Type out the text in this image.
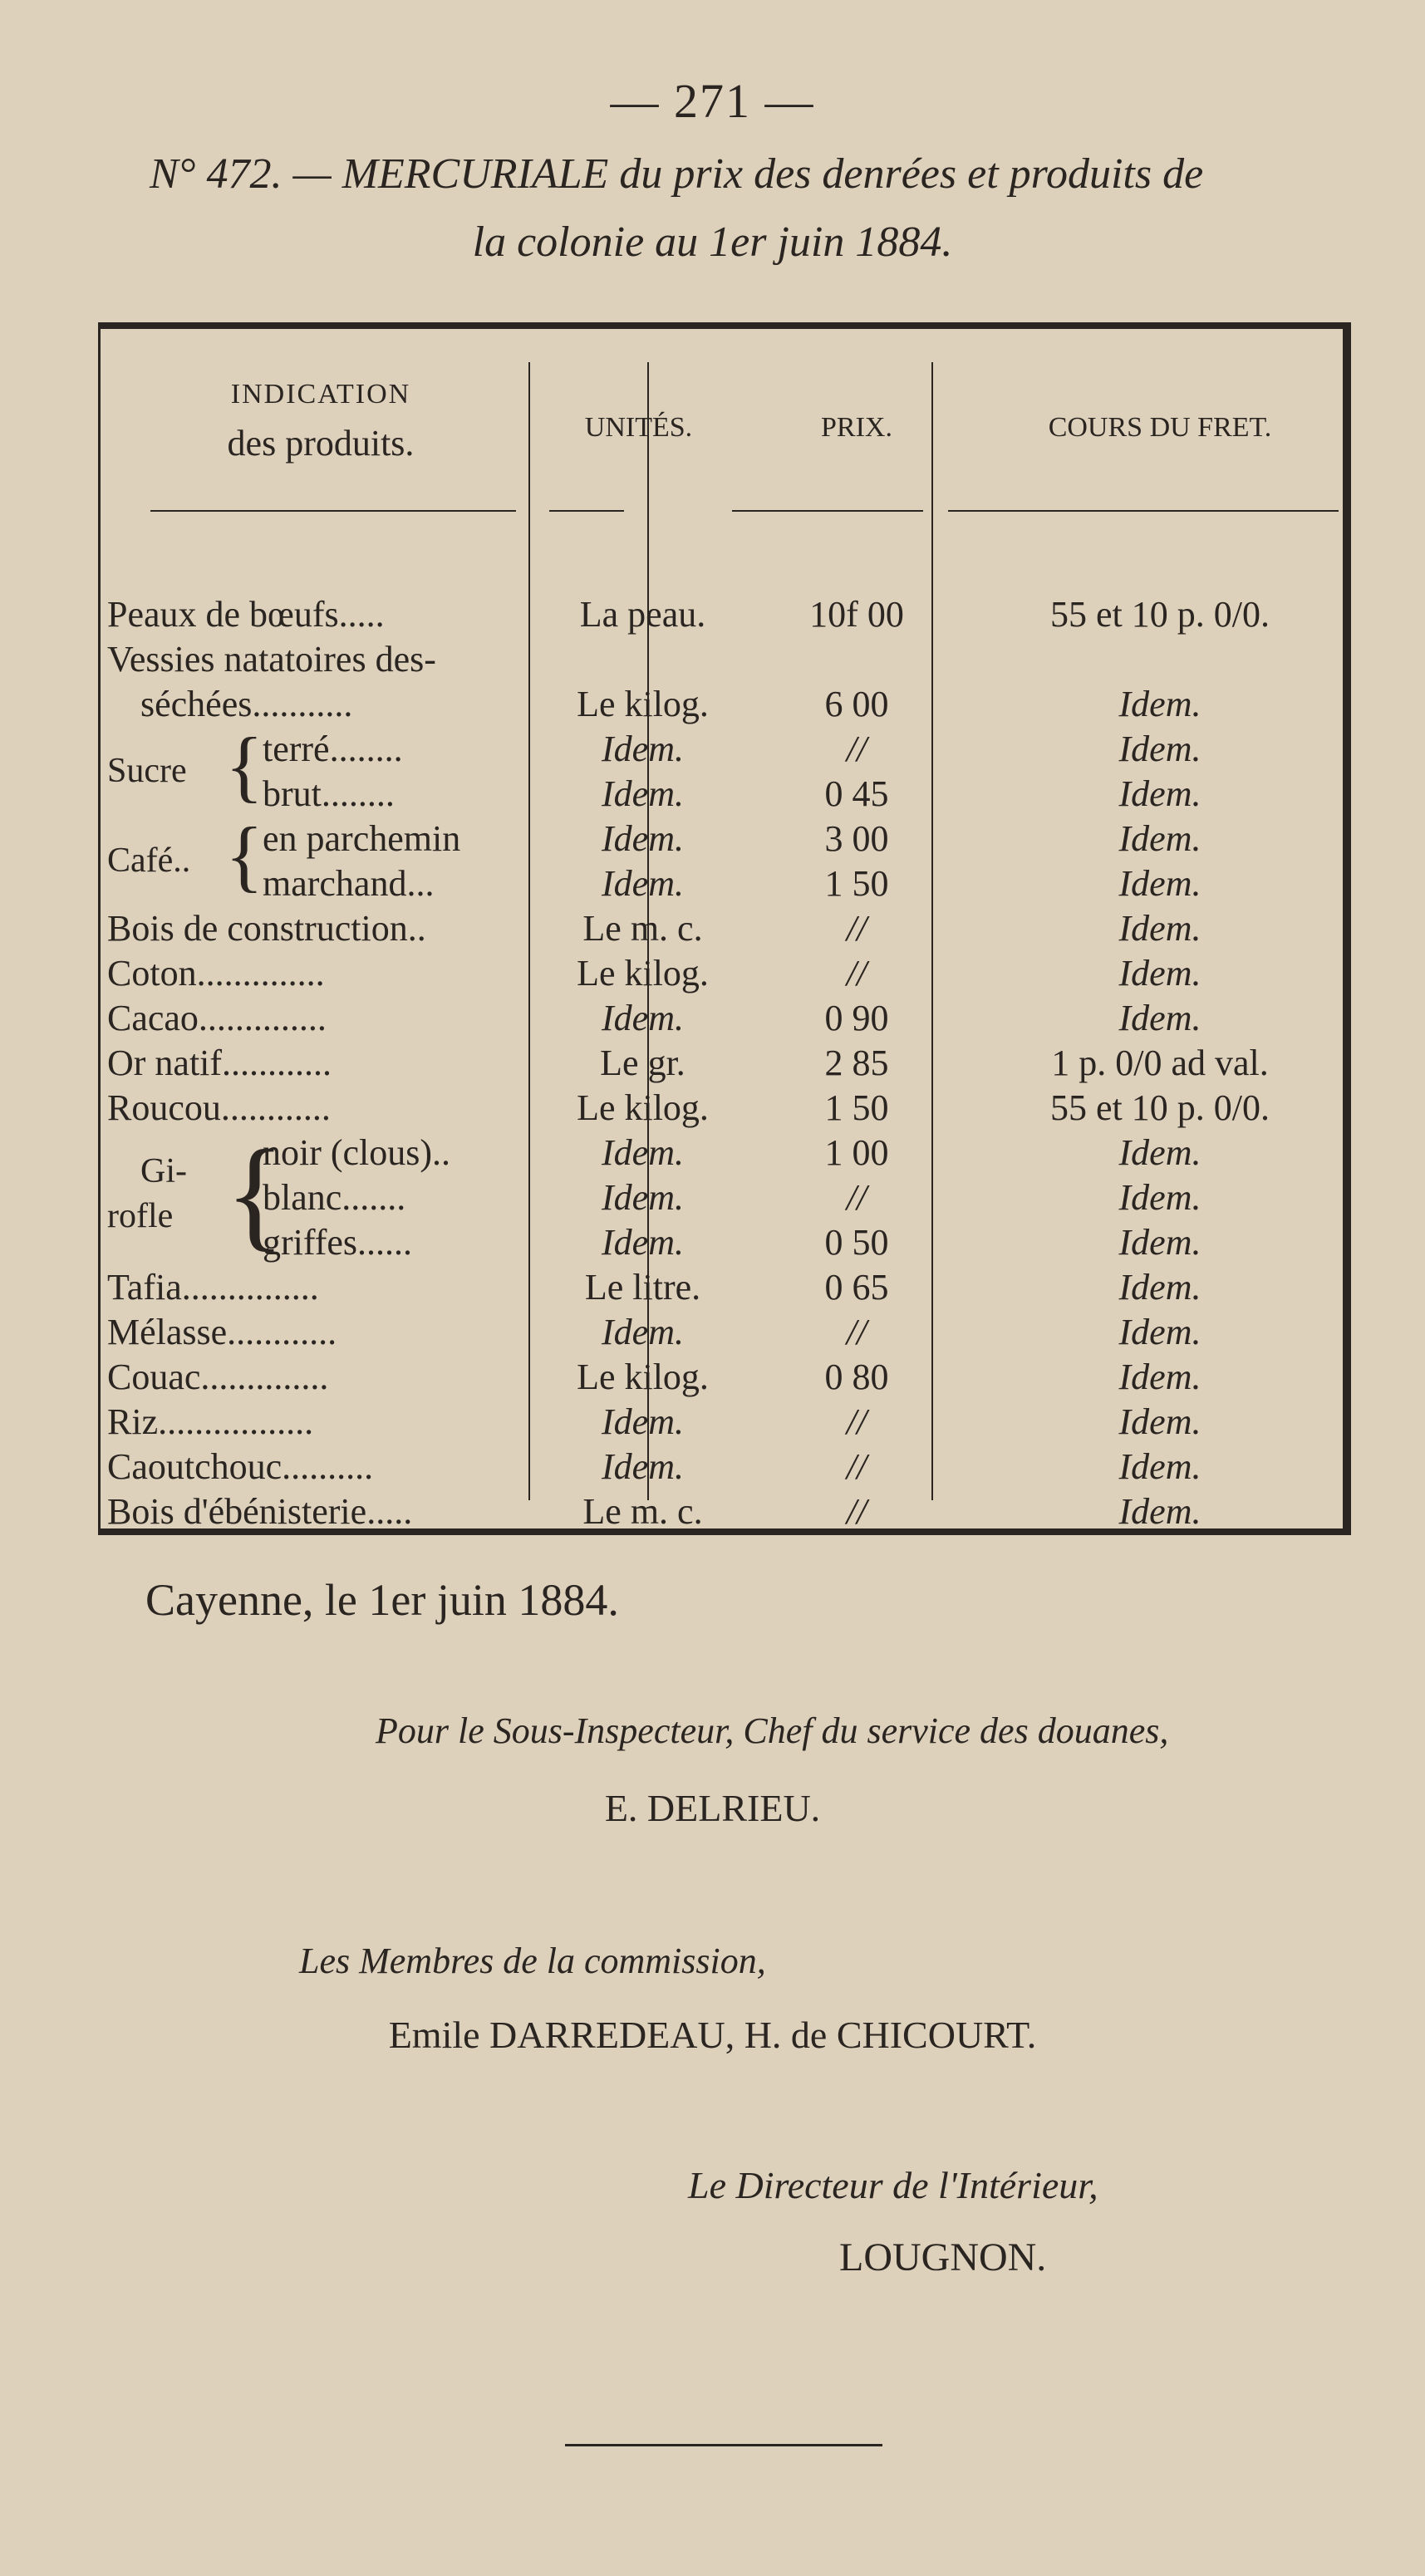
— 271 —
N° 472. — MERCURIALE du prix des denrées et produits de
la colonie au 1er juin 1884.
INDICATION
des produits.	UNITÉS.	PRIX.	COURS DU FRET.
Peaux de bœufs.....	La peau.	10f 00	55 et 10 p. 0/0.
Vessies natatoires des-
séchées...........	Le kilog.	6 00	Idem.
Sucre {
terré........	Idem.	//	Idem.
brut........	Idem.	0 45	Idem.
Café.. {
en parchemin	Idem.	3 00	Idem.
marchand...	Idem.	1 50	Idem.
Bois de construction..	Le m. c.	//	Idem.
Coton..............	Le kilog.	//	Idem.
Cacao..............	Idem.	0 90	Idem.
Or natif............	Le gr.	2 85	1 p. 0/0 ad val.
Roucou............	Le kilog.	1 50	55 et 10 p. 0/0.
Gi-
rofle {
noir (clous)..	Idem.	1 00	Idem.
blanc.......	Idem.	//	Idem.
griffes......	Idem.	0 50	Idem.
Tafia...............	Le litre.	0 65	Idem.
Mélasse............	Idem.	//	Idem.
Couac..............	Le kilog.	0 80	Idem.
Riz.................	Idem.	//	Idem.
Caoutchouc..........	Idem.	//	Idem.
Bois d'ébénisterie.....	Le m. c.	//	Idem.
Cayenne, le 1er juin 1884.
Pour le Sous-Inspecteur, Chef du service des douanes,
E. DELRIEU.
Les Membres de la commission,
Emile DARREDEAU, H. de CHICOURT.
Le Directeur de l'Intérieur,
LOUGNON.
